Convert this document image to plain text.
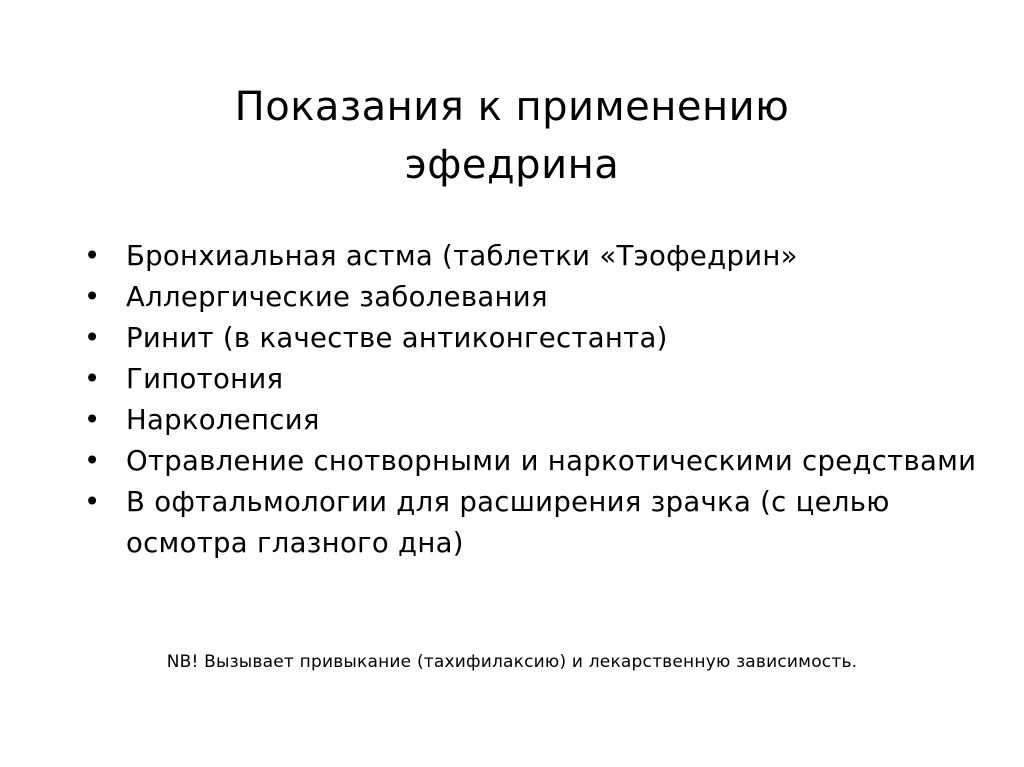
Показания к применению
эфедрина
• Бронхиальная астма (таблетки «Тэофедрин»
• Аллергические заболевания
• Ринит (в качестве антиконгестанта)
• Гипотония
• Нарколепсия
• Отравление снотворными и наркотическими средствами
• В офтальмологии для расширения зрачка (с целью осмотра глазного дна)

NB! Вызывает привыкание (тахифилаксию) и лекарственную зависимость.
